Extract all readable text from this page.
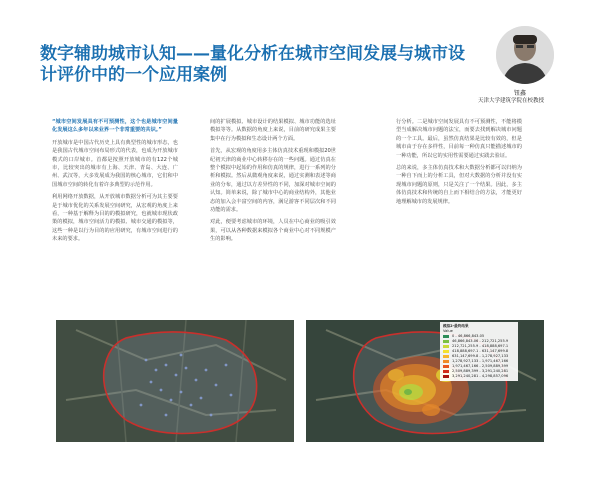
数字辅助城市认知——量化分析在城市空间发展与城市设计评价中的一个应用案例
钮鑫
天津大学建筑学院在校教授

“城市空间发展具有不可预测性，这个也是城市空间量化发展这么多年以来业界一个非常重要的共识。”

开放城市是中国古代历史上具有典型性的城市形态，也是我国古代城市空间布局形式的代表，也成为开放城市模式的口岸城市。首都是按照开放城市的有122个城市，比较突出的城市有上海、天津、青岛、大连、广州、武汉等，大多发展成为我国的核心城市，它们和中国城市空间的转化有着许多典型的示范作用。

利用网络开放数据，从开放城市数据分析可为其主要要是于城市优化的关系发展空间研究，从宏观的角度上来看，一种基于解释为目的的模拟研究，也就城市现状政策的模拟，城市空间活力的模拟、城市交通的模拟等，这些一种是以行为目的的应用研究，有城市空间进行的未来的要求。

间的扩展模拟、城市设计的结果模拟、城市功能的选址模拟等等。从数据的角度上来说，目前的研究成果主要集中在行为模拟和生态设计两个方面。

首先，从宏观的角度用多主体仿真技术重现和模拟20世纪初天津的商业中心转移存在的一些问题。通过仿真在整个模拟中起始的作用和仿真的规律，进行一系列的分析和模拟。然后从微观角度来说，通过实测和表述等商业的分布，通过以方差异性的不同，加深对城市空间的认知。简单来说，除了城市中心的商业结构外，其他业态的加入会丰富空间的内容，满足游客不同层次和不同功能的需求。

对此，便要考虑城市的环境，人员在中心商业的吸引效果，可以从各种数据来模拟各个商业中心对不同规模产生的影响。

行分析。二是城市空间发展具有不可预测性，不能将模型当成解决城市问题的法宝，而要去找到解决城市问题的一个工具。最后，虽然仿真结果是比较有效的，但是城市由于存在多样性，目前每一种仿真只能描述城市的一种功能，所以它的实用性需要通过实践去验证。

总的来说，多主体仿真技术和大数据分析都可以归纳为一种自下而上的分析工具，但对大数据的分析并没有实现城市问题的原则，只是关注了一个结果。因此，多主体仿真技术和传统的自上而下相结合的方法，才能更好地理解城市的发展规律。

模拟2-最终结果
Value
0 - 46,866,843.05
46,866,843.06 - 212,721,255.9
212,721,255.9 - 418,888,697.1
418,888,697.1 - 631,147,699.8
631,147,699.8 - 1,278,927,133
1,278,927,133 - 1,971,467,166
1,971,467,166 - 2,509,889,399
2,509,889,399 - 3,291,240,281
3,291,240,281 - 4,298,857,096
